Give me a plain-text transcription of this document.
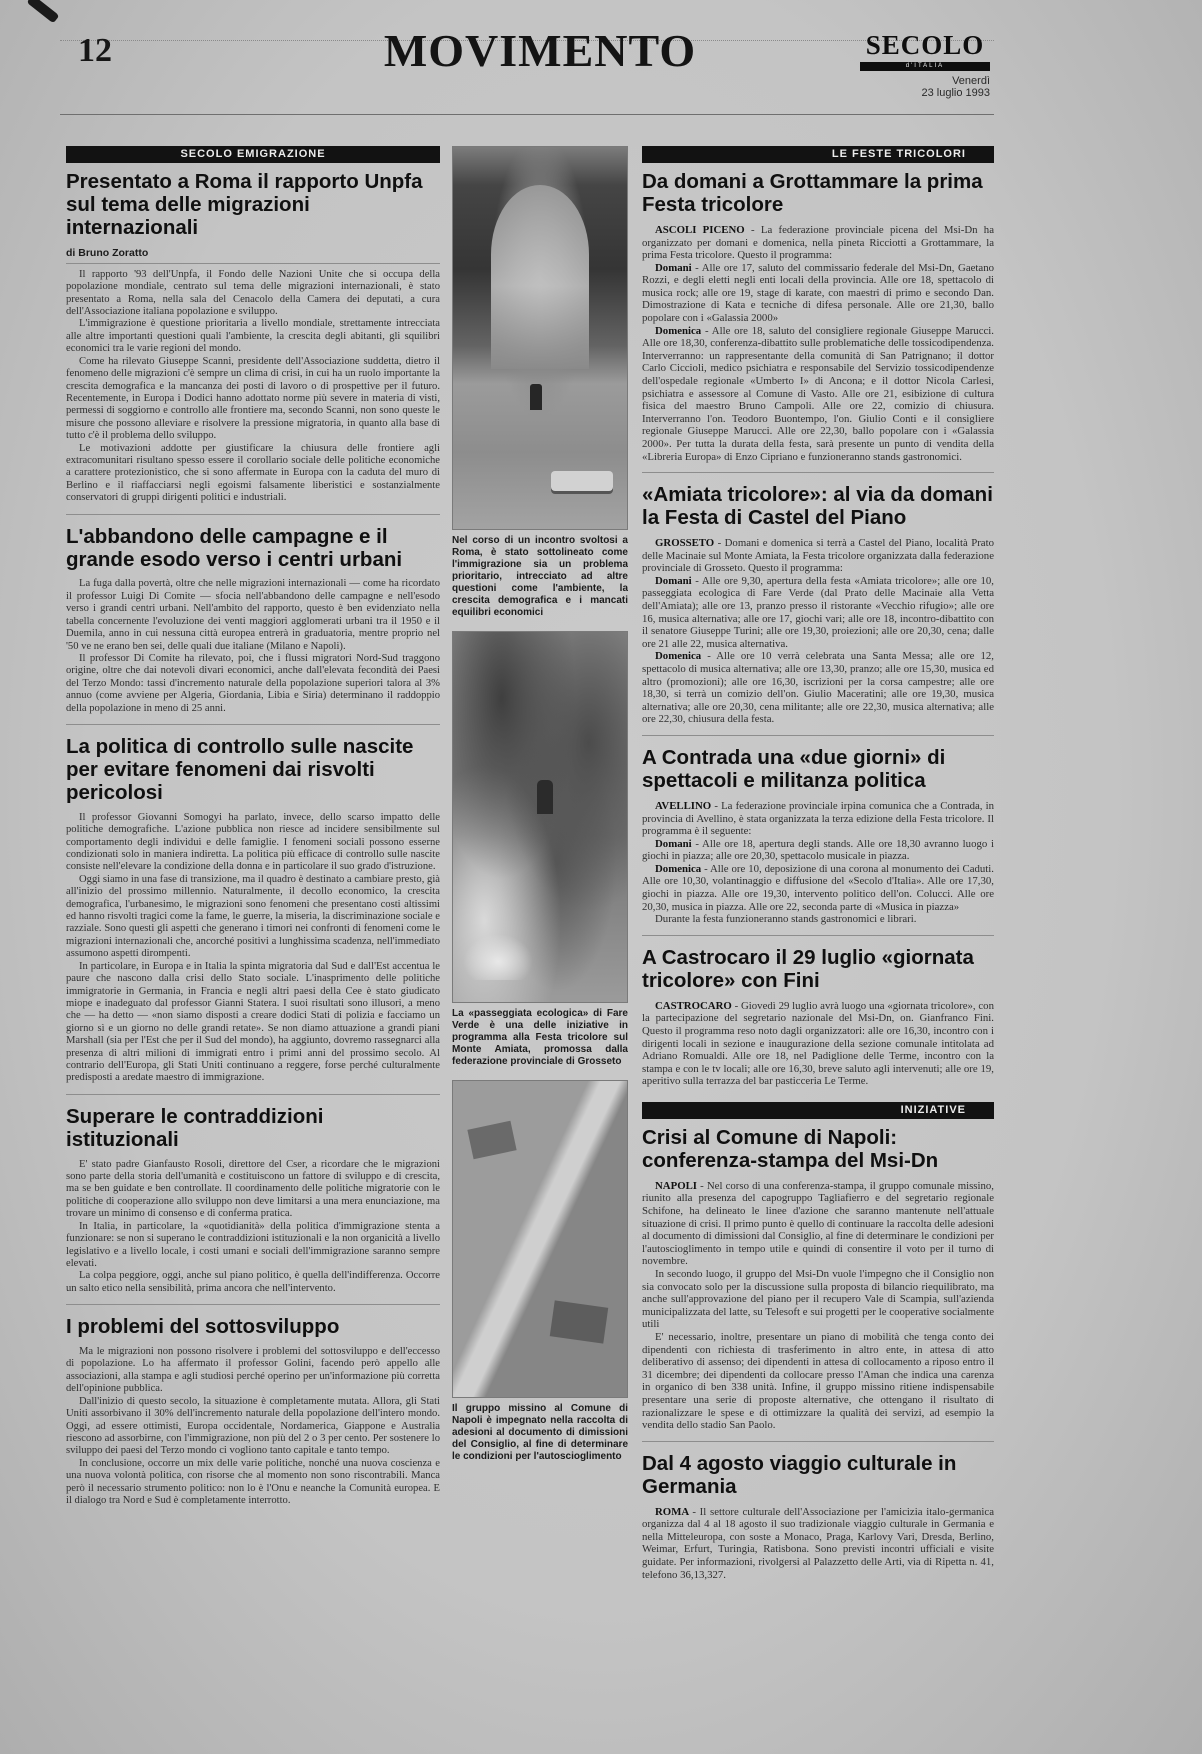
12	MOVIMENTO	SECOLO
d'ITALIA
Venerdì
23 luglio 1993
SECOLO EMIGRAZIONE
Presentato a Roma il rapporto Unpfa sul tema delle migrazioni internazionali
di Bruno Zoratto

Il rapporto '93 dell'Unpfa, il Fondo delle Nazioni Unite che si occupa della popolazione mondiale, centrato sul tema delle migrazioni internazionali, è stato presentato a Roma, nella sala del Cenacolo della Camera dei deputati, a cura dell'Associazione italiana popolazione e sviluppo.

L'immigrazione è questione prioritaria a livello mondiale, strettamente intrecciata alle altre importanti questioni quali l'ambiente, la crescita degli abitanti, gli squilibri economici tra le varie regioni del mondo.

Come ha rilevato Giuseppe Scanni, presidente dell'Associazione suddetta, dietro il fenomeno delle migrazioni c'è sempre un clima di crisi, in cui ha un ruolo importante la crescita demografica e la mancanza dei posti di lavoro o di prospettive per il futuro. Recentemente, in Europa i Dodici hanno adottato norme più severe in materia di visti, permessi di soggiorno e controllo alle frontiere ma, secondo Scanni, non sono queste le misure che possono alleviare e risolvere la pressione migratoria, in quanto alla base di tutto c'è il problema dello sviluppo.

Le motivazioni addotte per giustificare la chiusura delle frontiere agli extracomunitari risultano spesso essere il corollario sociale delle politiche economiche a carattere protezionistico, che si sono affermate in Europa con la caduta del muro di Berlino e il riaffacciarsi negli egoismi falsamente liberistici e sostanzialmente conservatori di gruppi dirigenti politici e industriali.

L'abbandono delle campagne e il grande esodo verso i centri urbani

La fuga dalla povertà, oltre che nelle migrazioni internazionali — come ha ricordato il professor Luigi Di Comite — sfocia nell'abbandono delle campagne e nell'esodo verso i grandi centri urbani. Nell'ambito del rapporto, questo è ben evidenziato nella tabella concernente l'evoluzione dei venti maggiori agglomerati urbani tra il 1950 e il Duemila, anno in cui nessuna città europea entrerà in graduatoria, mentre proprio nel '50 ve ne erano ben sei, delle quali due italiane (Milano e Napoli).

Il professor Di Comite ha rilevato, poi, che i flussi migratori Nord-Sud traggono origine, oltre che dai notevoli divari economici, anche dall'elevata fecondità dei Paesi del Terzo Mondo: tassi d'incremento naturale della popolazione superiori talora al 3% annuo (come avviene per Algeria, Giordania, Libia e Siria) determinano il raddoppio della popolazione in meno di 25 anni.

La politica di controllo sulle nascite per evitare fenomeni dai risvolti pericolosi

Il professor Giovanni Somogyi ha parlato, invece, dello scarso impatto delle politiche demografiche. L'azione pubblica non riesce ad incidere sensibilmente sul comportamento degli individui e delle famiglie. I fenomeni sociali possono esserne condizionati solo in maniera indiretta. La politica più efficace di controllo sulle nascite consiste nell'elevare la condizione della donna e in particolare il suo grado d'istruzione.

Oggi siamo in una fase di transizione, ma il quadro è destinato a cambiare presto, già all'inizio del prossimo millennio. Naturalmente, il decollo economico, la crescita demografica, l'urbanesimo, le migrazioni sono fenomeni che presentano costi altissimi ed hanno risvolti tragici come la fame, le guerre, la miseria, la discriminazione sociale e razziale. Sono questi gli aspetti che generano i timori nei confronti di fenomeni come le migrazioni internazionali che, ancorché positivi a lunghissima scadenza, nell'immediato assumono aspetti dirompenti.

In particolare, in Europa e in Italia la spinta migratoria dal Sud e dall'Est accentua le paure che nascono dalla crisi dello Stato sociale. L'inasprimento delle politiche immigratorie in Germania, in Francia e negli altri paesi della Cee è stato giudicato miope e inadeguato dal professor Gianni Statera. I suoi risultati sono illusori, a meno che — ha detto — «non siamo disposti a creare dodici Stati di polizia e facciamo un giorno sì e un giorno no delle grandi retate». Se non diamo attuazione a grandi piani Marshall (sia per l'Est che per il Sud del mondo), ha aggiunto, dovremo rassegnarci alla presenza di altri milioni di immigrati entro i primi anni del prossimo secolo. Al contrario dell'Europa, gli Stati Uniti continuano a reggere, forse perché culturalmente predisposti a aredate maestro di immigrazione.

Superare le contraddizioni istituzionali

E' stato padre Gianfausto Rosoli, direttore del Cser, a ricordare che le migrazioni sono parte della storia dell'umanità e costituiscono un fattore di sviluppo e di crescita, ma se ben guidate e ben controllate. Il coordinamento delle politiche migratorie con le politiche di cooperazione allo sviluppo non deve limitarsi a una mera enunciazione, ma trovare un minimo di consenso e di conferma pratica.

In Italia, in particolare, la «quotidianità» della politica d'immigrazione stenta a funzionare: se non si superano le contraddizioni istituzionali e la non organicità a livello legislativo e a livello locale, i costi umani e sociali dell'immigrazione saranno sempre elevati.

La colpa peggiore, oggi, anche sul piano politico, è quella dell'indifferenza. Occorre un salto etico nella sensibilità, prima ancora che nell'intervento.

I problemi del sottosviluppo

Ma le migrazioni non possono risolvere i problemi del sottosviluppo e dell'eccesso di popolazione. Lo ha affermato il professor Golini, facendo però appello alle associazioni, alla stampa e agli studiosi perché operino per un'informazione più corretta dell'opinione pubblica.

Dall'inizio di questo secolo, la situazione è completamente mutata. Allora, gli Stati Uniti assorbivano il 30% dell'incremento naturale della popolazione dell'intero mondo. Oggi, ad essere ottimisti, Europa occidentale, Nordamerica, Giappone e Australia riescono ad assorbirne, con l'immigrazione, non più del 2 o 3 per cento. Per sostenere lo sviluppo dei paesi del Terzo mondo ci vogliono tanto capitale e tanto tempo.

In conclusione, occorre un mix delle varie politiche, nonché una nuova coscienza e una nuova volontà politica, con risorse che al momento non sono riscontrabili. Manca però il necessario strumento politico: non lo è l'Onu e neanche la Comunità europea. E il dialogo tra Nord e Sud è completamente interrotto.

Nel corso di un incontro svoltosi a Roma, è stato sottolineato come l'immigrazione sia un problema prioritario, intrecciato ad altre questioni come l'ambiente, la crescita demografica e i mancati equilibri economici
La «passeggiata ecologica» di Fare Verde è una delle iniziative in programma alla Festa tricolore sul Monte Amiata, promossa dalla federazione provinciale di Grosseto
Il gruppo missino al Comune di Napoli è impegnato nella raccolta di adesioni al documento di dimissioni del Consiglio, al fine di determinare le condizioni per l'autoscioglimento
LE FESTE TRICOLORI
Da domani a Grottammare la prima Festa tricolore

ASCOLI PICENO - La federazione provinciale picena del Msi-Dn ha organizzato per domani e domenica, nella pineta Ricciotti a Grottammare, la prima Festa tricolore. Questo il programma:

Domani - Alle ore 17, saluto del commissario federale del Msi-Dn, Gaetano Rozzi, e degli eletti negli enti locali della provincia. Alle ore 18, spettacolo di musica rock; alle ore 19, stage di karate, con maestri di primo e secondo Dan. Dimostrazione di Kata e tecniche di difesa personale. Alle ore 21,30, ballo popolare con i «Galassia 2000»

Domenica - Alle ore 18, saluto del consigliere regionale Giuseppe Marucci. Alle ore 18,30, conferenza-dibattito sulle problematiche delle tossicodipendenza. Interverranno: un rappresentante della comunità di San Patrignano; il dottor Carlo Ciccioli, medico psichiatra e responsabile del Servizio tossicodipendenze dell'ospedale regionale «Umberto I» di Ancona; e il dottor Nicola Carlesi, psichiatra e assessore al Comune di Vasto. Alle ore 21, esibizione di cultura fisica del maestro Bruno Campoli. Alle ore 22, comizio di chiusura. Interverranno l'on. Teodoro Buontempo, l'on. Giulio Conti e il consigliere regionale Giuseppe Marucci. Alle ore 22,30, ballo popolare con i «Galassia 2000». Per tutta la durata della festa, sarà presente un punto di vendita della «Libreria Europa» di Enzo Cipriano e funzioneranno stands gastronomici.

«Amiata tricolore»: al via da domani la Festa di Castel del Piano

GROSSETO - Domani e domenica si terrà a Castel del Piano, località Prato delle Macinaie sul Monte Amiata, la Festa tricolore organizzata dalla federazione provinciale di Grosseto. Questo il programma:

Domani - Alle ore 9,30, apertura della festa «Amiata tricolore»; alle ore 10, passeggiata ecologica di Fare Verde (dal Prato delle Macinaie alla Vetta dell'Amiata); alle ore 13, pranzo presso il ristorante «Vecchio rifugio»; alle ore 16, musica alternativa; alle ore 17, giochi vari; alle ore 18, incontro-dibattito con il senatore Giuseppe Turini; alle ore 19,30, proiezioni; alle ore 20,30, cena; dalle ore 21 alle 22, musica alternativa.

Domenica - Alle ore 10 verrà celebrata una Santa Messa; alle ore 12, spettacolo di musica alternativa; alle ore 13,30, pranzo; alle ore 15,30, musica ed altro (promozioni); alle ore 16,30, iscrizioni per la corsa campestre; alle ore 18,30, si terrà un comizio dell'on. Giulio Maceratini; alle ore 19,30, musica alternativa; alle ore 20,30, cena militante; alle ore 22,30, musica alternativa; alle ore 22,30, chiusura della festa.

A Contrada una «due giorni» di spettacoli e militanza politica

AVELLINO - La federazione provinciale irpina comunica che a Contrada, in provincia di Avellino, è stata organizzata la terza edizione della Festa tricolore. Il programma è il seguente:

Domani - Alle ore 18, apertura degli stands. Alle ore 18,30 avranno luogo i giochi in piazza; alle ore 20,30, spettacolo musicale in piazza.

Domenica - Alle ore 10, deposizione di una corona al monumento dei Caduti. Alle ore 10,30, volantinaggio e diffusione del «Secolo d'Italia». Alle ore 17,30, giochi in piazza. Alle ore 19,30, intervento politico dell'on. Colucci. Alle ore 20,30, musica in piazza. Alle ore 22, seconda parte di «Musica in piazza»

Durante la festa funzioneranno stands gastronomici e librari.

A Castrocaro il 29 luglio «giornata tricolore» con Fini

CASTROCARO - Giovedì 29 luglio avrà luogo una «giornata tricolore», con la partecipazione del segretario nazionale del Msi-Dn, on. Gianfranco Fini. Questo il programma reso noto dagli organizzatori: alle ore 16,30, incontro con i dirigenti locali in sezione e inaugurazione della sezione comunale intitolata ad Adriano Romualdi. Alle ore 18, nel Padiglione delle Terme, incontro con la stampa e con le tv locali; alle ore 16,30, breve saluto agli intervenuti; alle ore 19, aperitivo sulla terrazza del bar pasticceria Le Terme.

INIZIATIVE
Crisi al Comune di Napoli: conferenza-stampa del Msi-Dn

NAPOLI - Nel corso di una conferenza-stampa, il gruppo comunale missino, riunito alla presenza del capogruppo Tagliafierro e del segretario regionale Schifone, ha delineato le linee d'azione che saranno mantenute nell'attuale situazione di crisi. Il primo punto è quello di continuare la raccolta delle adesioni al documento di dimissioni dal Consiglio, al fine di determinare le condizioni per l'autoscioglimento in tempo utile e quindi di consentire il voto per il turno di novembre.

In secondo luogo, il gruppo del Msi-Dn vuole l'impegno che il Consiglio non sia convocato solo per la discussione sulla proposta di bilancio riequilibrato, ma anche sull'approvazione del piano per il recupero Vale di Scampia, sull'azienda municipalizzata del latte, su Telesoft e sui progetti per le cooperative socialmente utili

E' necessario, inoltre, presentare un piano di mobilità che tenga conto dei dipendenti con richiesta di trasferimento in altro ente, in attesa di atto deliberativo di assenso; dei dipendenti in attesa di collocamento a riposo entro il 31 dicembre; dei dipendenti da collocare presso l'Aman che indica una carenza in organico di ben 338 unità. Infine, il gruppo missino ritiene indispensabile presentare una serie di proposte alternative, che ottengano il risultato di razionalizzare le spese e di ottimizzare la qualità dei servizi, ad esempio la vendita dello stadio San Paolo.

Dal 4 agosto viaggio culturale in Germania

ROMA - Il settore culturale dell'Associazione per l'amicizia italo-germanica organizza dal 4 al 18 agosto il suo tradizionale viaggio culturale in Germania e nella Mitteleuropa, con soste a Monaco, Praga, Karlovy Vari, Dresda, Berlino, Weimar, Erfurt, Turingia, Ratisbona. Sono previsti incontri ufficiali e visite guidate. Per informazioni, rivolgersi al Palazzetto delle Arti, via di Ripetta n. 41, telefono 36,13,327.
